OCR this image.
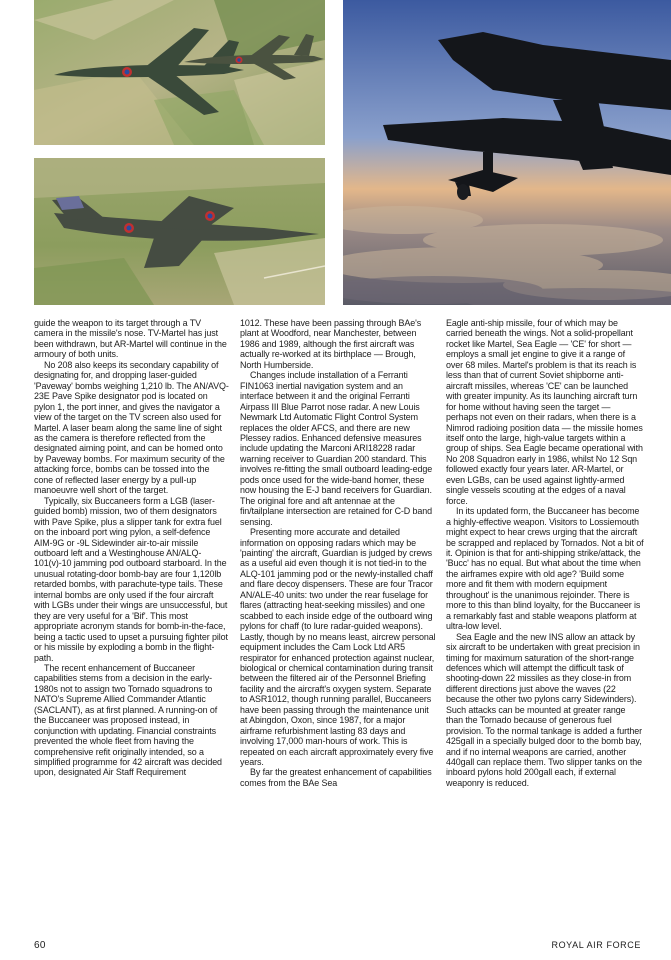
guide the weapon to its target through a TV camera in the missile's nose. TV-Martel has just been withdrawn, but AR-Martel will continue in the armoury of both units.

No 208 also keeps its secondary capability of designating for, and dropping laser-guided 'Paveway' bombs weighing 1,210 lb. The AN/AVQ-23E Pave Spike designator pod is located on pylon 1, the port inner, and gives the navigator a view of the target on the TV screen also used for Martel. A laser beam along the same line of sight as the camera is therefore reflected from the designated aiming point, and can be homed onto by Paveway bombs. For maximum security of the attacking force, bombs can be tossed into the cone of reflected laser energy by a pull-up manoeuvre well short of the target.

Typically, six Buccaneers form a LGB (laser-guided bomb) mission, two of them designators with Pave Spike, plus a slipper tank for extra fuel on the inboard port wing pylon, a self-defence AIM-9G or -9L Sidewinder air-to-air missile outboard left and a Westinghouse AN/ALQ-101(v)-10 jamming pod outboard starboard. In the unusual rotating-door bomb-bay are four 1,120lb retarded bombs, with parachute-type tails. These internal bombs are only used if the four aircraft with LGBs under their wings are unsuccessful, but they are very useful for a 'Bif'. This most appropriate acronym stands for bomb-in-the-face, being a tactic used to upset a pursuing fighter pilot or his missile by exploding a bomb in the flight-path.

The recent enhancement of Buccaneer capabilities stems from a decision in the early-1980s not to assign two Tornado squadrons to NATO's Supreme Allied Commander Atlantic (SACLANT), as at first planned. A running-on of the Buccaneer was proposed instead, in conjunction with updating. Financial constraints prevented the whole fleet from having the comprehensive refit originally intended, so a simplified programme for 42 aircraft was decided upon, designated Air Staff Requirement

1012. These have been passing through BAe's plant at Woodford, near Manchester, between 1986 and 1989, although the first aircraft was actually re-worked at its birthplace — Brough, North Humberside.

Changes include installation of a Ferranti FIN1063 inertial navigation system and an interface between it and the original Ferranti Airpass III Blue Parrot nose radar. A new Louis Newmark Ltd Automatic Flight Control System replaces the older AFCS, and there are new Plessey radios. Enhanced defensive measures include updating the Marconi ARI18228 radar warning receiver to Guardian 200 standard. This involves re-fitting the small outboard leading-edge pods once used for the wide-band homer, these now housing the E-J band receivers for Guardian. The original fore and aft antennae at the fin/tailplane intersection are retained for C-D band sensing.

Presenting more accurate and detailed information on opposing radars which may be 'painting' the aircraft, Guardian is judged by crews as a useful aid even though it is not tied-in to the ALQ-101 jamming pod or the newly-installed chaff and flare decoy dispensers. These are four Tracor AN/ALE-40 units: two under the rear fuselage for flares (attracting heat-seeking missiles) and one scabbed to each inside edge of the outboard wing pylons for chaff (to lure radar-guided weapons). Lastly, though by no means least, aircrew personal equipment includes the Cam Lock Ltd AR5 respirator for enhanced protection against nuclear, biological or chemical contamination during transit between the filtered air of the Personnel Briefing facility and the aircraft's oxygen system. Separate to ASR1012, though running parallel, Buccaneers have been passing through the maintenance unit at Abingdon, Oxon, since 1987, for a major airframe refurbishment lasting 83 days and involving 17,000 man-hours of work. This is repeated on each aircraft approximately every five years.

By far the greatest enhancement of capabilities comes from the BAe Sea

Eagle anti-ship missile, four of which may be carried beneath the wings. Not a solid-propellant rocket like Martel, Sea Eagle — 'CE' for short — employs a small jet engine to give it a range of over 68 miles. Martel's problem is that its reach is less than that of current Soviet shipborne anti-aircraft missiles, whereas 'CE' can be launched with greater impunity. As its launching aircraft turn for home without having seen the target — perhaps not even on their radars, when there is a Nimrod radioing position data — the missile homes itself onto the large, high-value targets within a group of ships. Sea Eagle became operational with No 208 Squadron early in 1986, whilst No 12 Sqn followed exactly four years later. AR-Martel, or even LGBs, can be used against lightly-armed single vessels scouting at the edges of a naval force.

In its updated form, the Buccaneer has become a highly-effective weapon. Visitors to Lossiemouth might expect to hear crews urging that the aircraft be scrapped and replaced by Tornados. Not a bit of it. Opinion is that for anti-shipping strike/attack, the 'Bucc' has no equal. But what about the time when the airframes expire with old age? 'Build some more and fit them with modern equipment throughout' is the unanimous rejoinder. There is more to this than blind loyalty, for the Buccaneer is a remarkably fast and stable weapons platform at ultra-low level.

Sea Eagle and the new INS allow an attack by six aircraft to be undertaken with great precision in timing for maximum saturation of the short-range defences which will attempt the difficult task of shooting-down 22 missiles as they close-in from different directions just above the waves (22 because the other two pylons carry Sidewinders). Such attacks can be mounted at greater range than the Tornado because of generous fuel provision. To the normal tankage is added a further 425gall in a specially bulged door to the bomb bay, and if no internal weapons are carried, another 440gall can replace them. Two slipper tanks on the inboard pylons hold 200gall each, if external weaponry is reduced.

60	ROYAL AIR FORCE
